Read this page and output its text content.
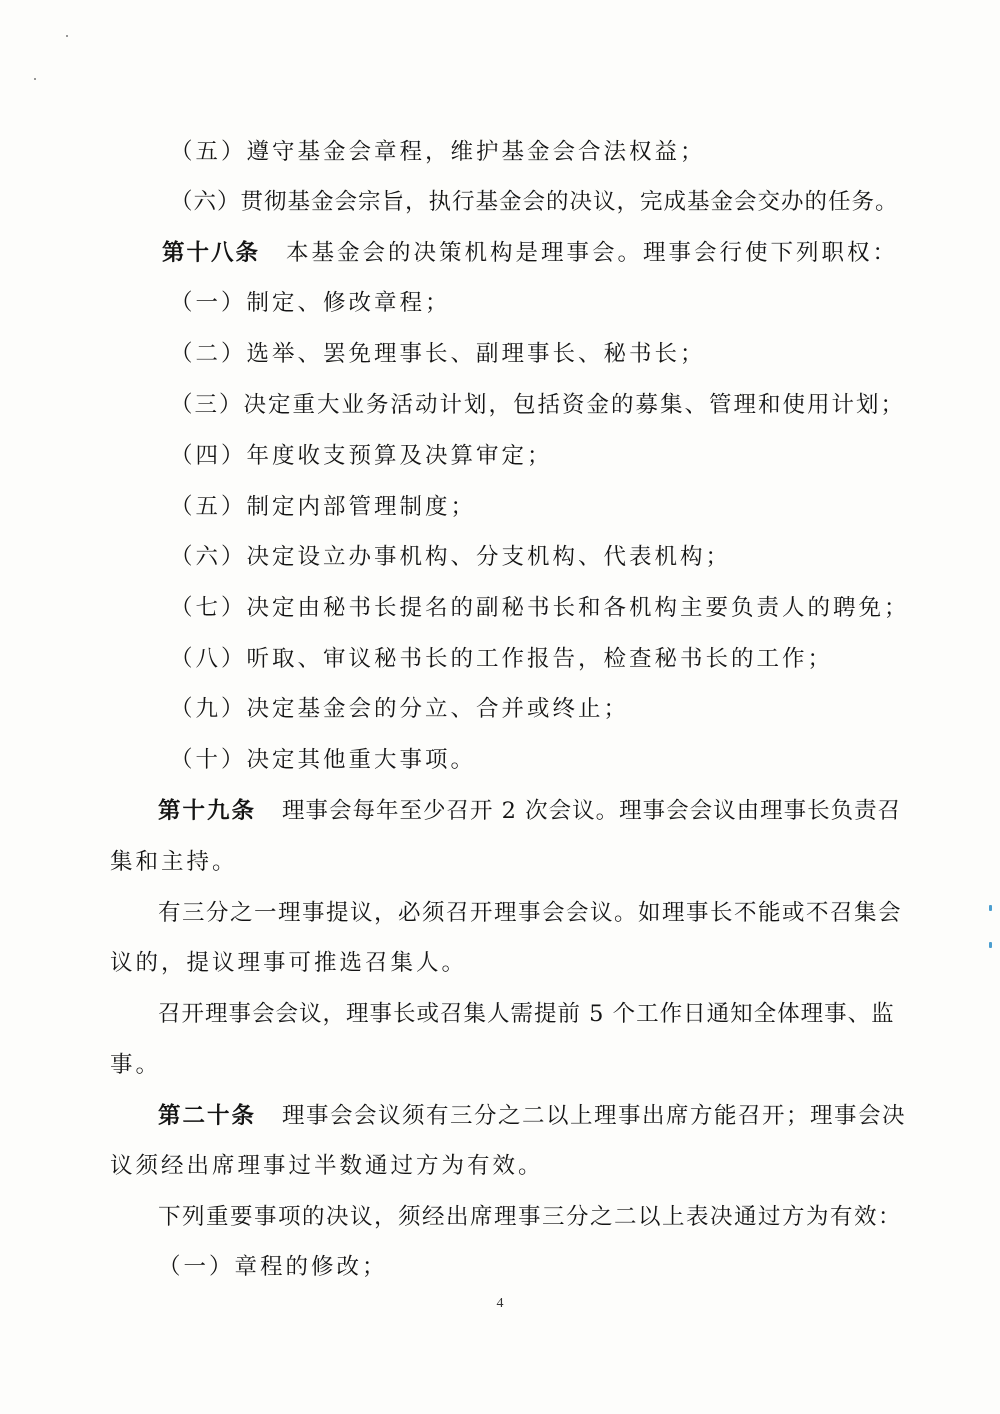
（五）遵守基金会章程，维护基金会合法权益；
（六）贯彻基金会宗旨，执行基金会的决议，完成基金会交办的任务。
第十八条 本基金会的决策机构是理事会。理事会行使下列职权：
（一）制定、修改章程；
（二）选举、罢免理事长、副理事长、秘书长；
（三）决定重大业务活动计划，包括资金的募集、管理和使用计划；
（四）年度收支预算及决算审定；
（五）制定内部管理制度；
（六）决定设立办事机构、分支机构、代表机构；
（七）决定由秘书长提名的副秘书长和各机构主要负责人的聘免；
（八）听取、审议秘书长的工作报告，检查秘书长的工作；
（九）决定基金会的分立、合并或终止；
（十）决定其他重大事项。
第十九条 理事会每年至少召开 2 次会议。理事会会议由理事长负责召
集和主持。
有三分之一理事提议，必须召开理事会会议。如理事长不能或不召集会
议的，提议理事可推选召集人。
召开理事会会议，理事长或召集人需提前 5 个工作日通知全体理事、监
事。
第二十条 理事会会议须有三分之二以上理事出席方能召开；理事会决
议须经出席理事过半数通过方为有效。
下列重要事项的决议，须经出席理事三分之二以上表决通过方为有效：
（一）章程的修改；
4
